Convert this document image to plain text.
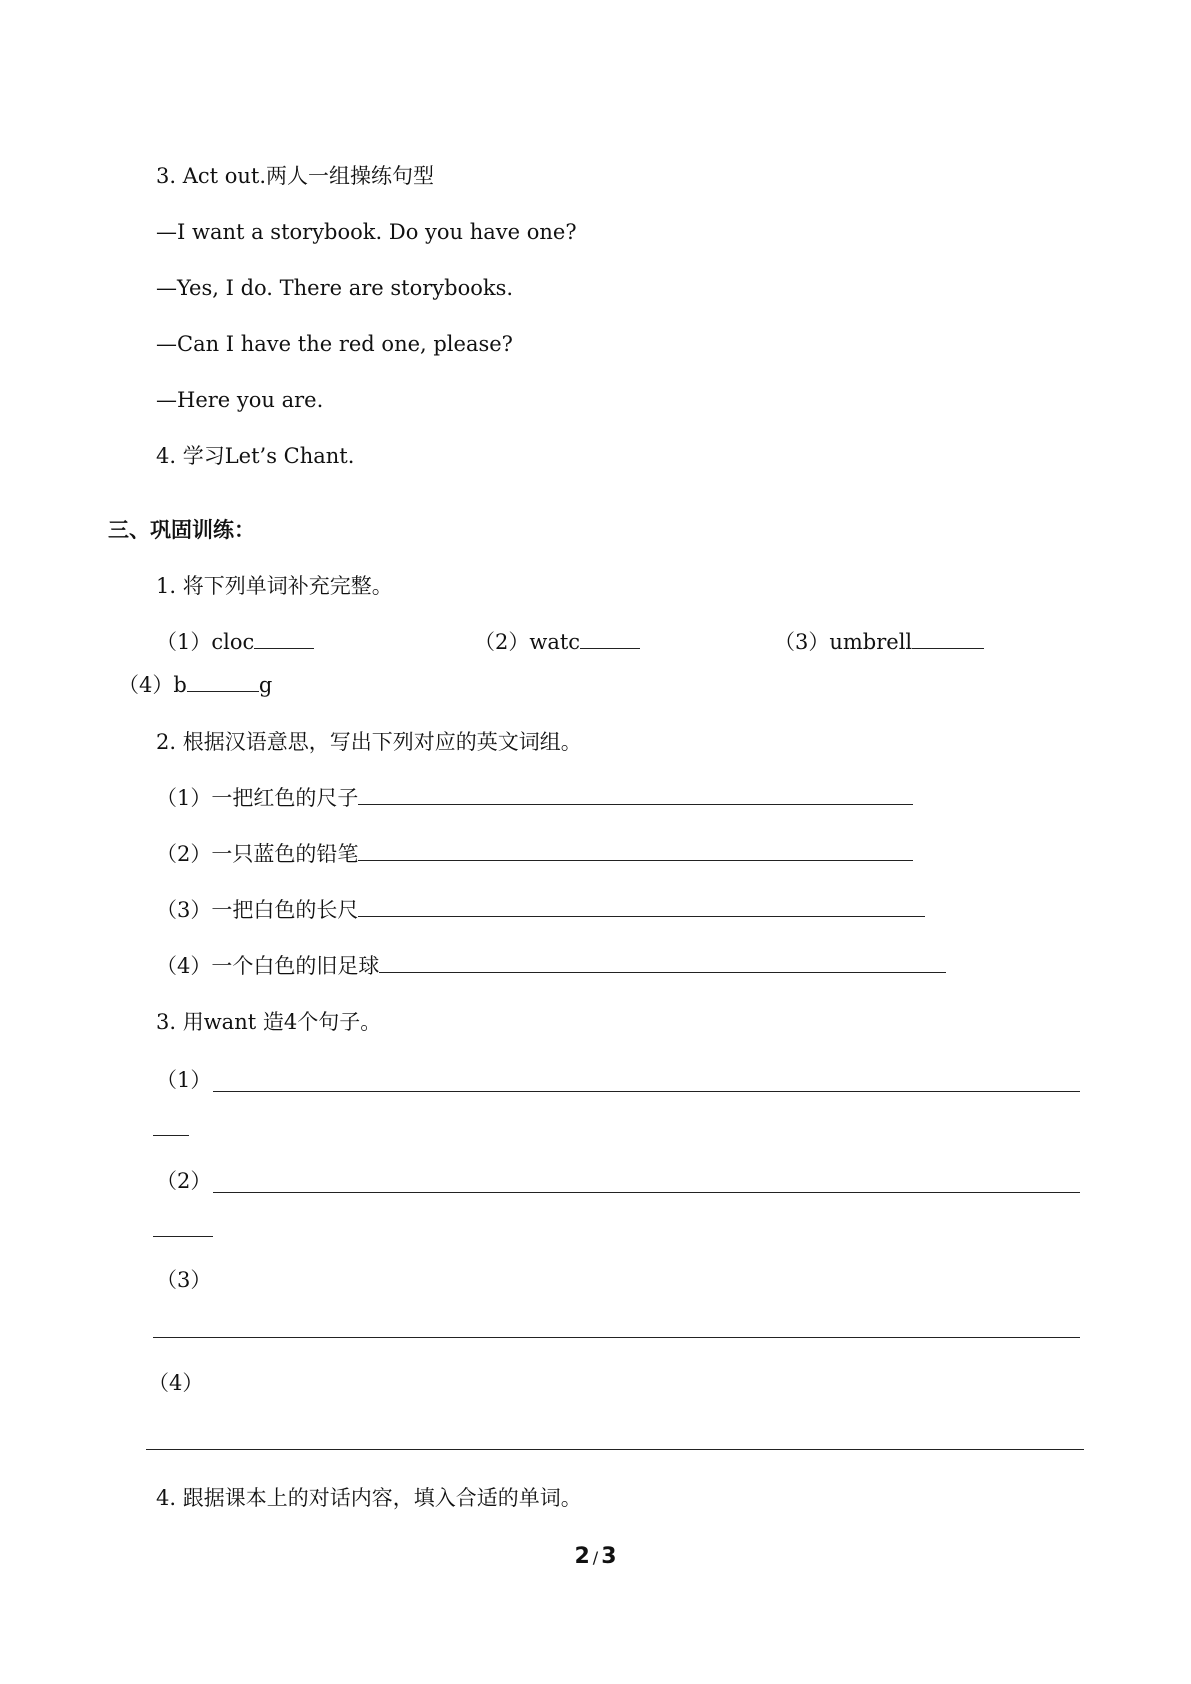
3. Act out.两人一组操练句型
—I want a storybook. Do you have one?
—Yes, I do. There are storybooks.
—Can I have the red one, please?
—Here you are.
4. 学习Let’s Chant.
三、巩固训练：
1. 将下列单词补充完整。
（1）cloc	（2）watc	（3）umbrell
（4）b	g
2. 根据汉语意思，写出下列对应的英文词组。
（1）一把红色的尺子
（2）一只蓝色的铅笔
（3）一把白色的长尺
（4）一个白色的旧足球
3. 用want 造4个句子。
（1）
（2）
（3）
（4）
4. 跟据课本上的对话内容，填入合适的单词。
2 / 3
